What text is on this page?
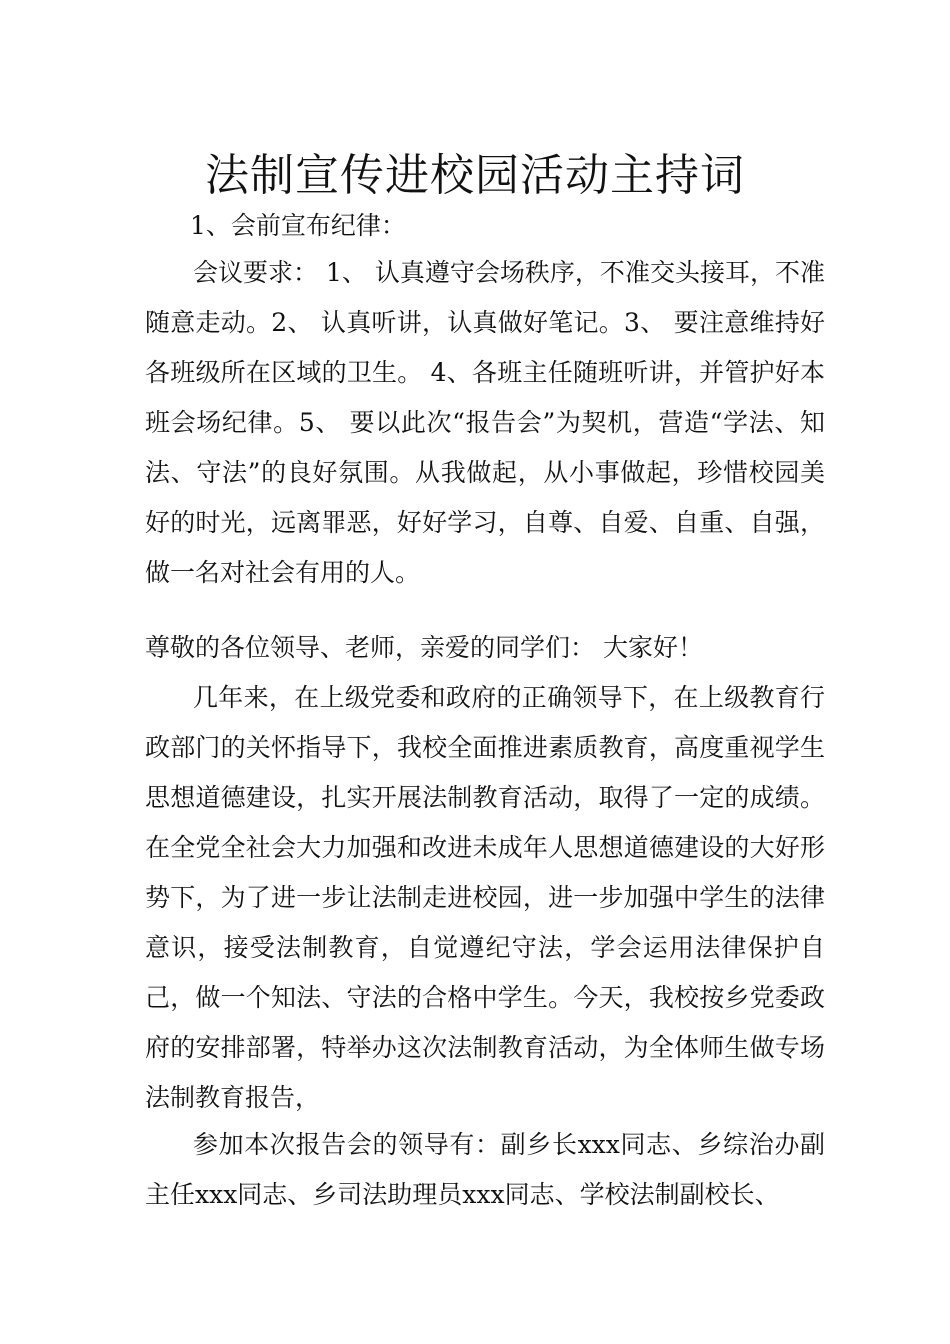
法制宣传进校园活动主持词
1、会前宣布纪律：

会议要求： 1、 认真遵守会场秩序，不准交头接耳，不准随意走动。2、 认真听讲，认真做好笔记。3、 要注意维持好各班级所在区域的卫生。 4、各班主任随班听讲，并管护好本班会场纪律。5、 要以此次“报告会”为契机，营造“学法、知法、守法”的良好氛围。从我做起，从小事做起，珍惜校园美好的时光，远离罪恶，好好学习，自尊、自爱、自重、自强，做一名对社会有用的人。

尊敬的各位领导、老师，亲爱的同学们： 大家好！

几年来，在上级党委和政府的正确领导下，在上级教育行政部门的关怀指导下，我校全面推进素质教育，高度重视学生思想道德建设，扎实开展法制教育活动，取得了一定的成绩。在全党全社会大力加强和改进未成年人思想道德建设的大好形势下，为了进一步让法制走进校园，进一步加强中学生的法律意识，接受法制教育，自觉遵纪守法，学会运用法律保护自己，做一个知法、守法的合格中学生。今天，我校按乡党委政府的安排部署，特举办这次法制教育活动，为全体师生做专场法制教育报告，

参加本次报告会的领导有：副乡长xxx同志、乡综治办副主任xxx同志、乡司法助理员xxx同志、学校法制副校长、
